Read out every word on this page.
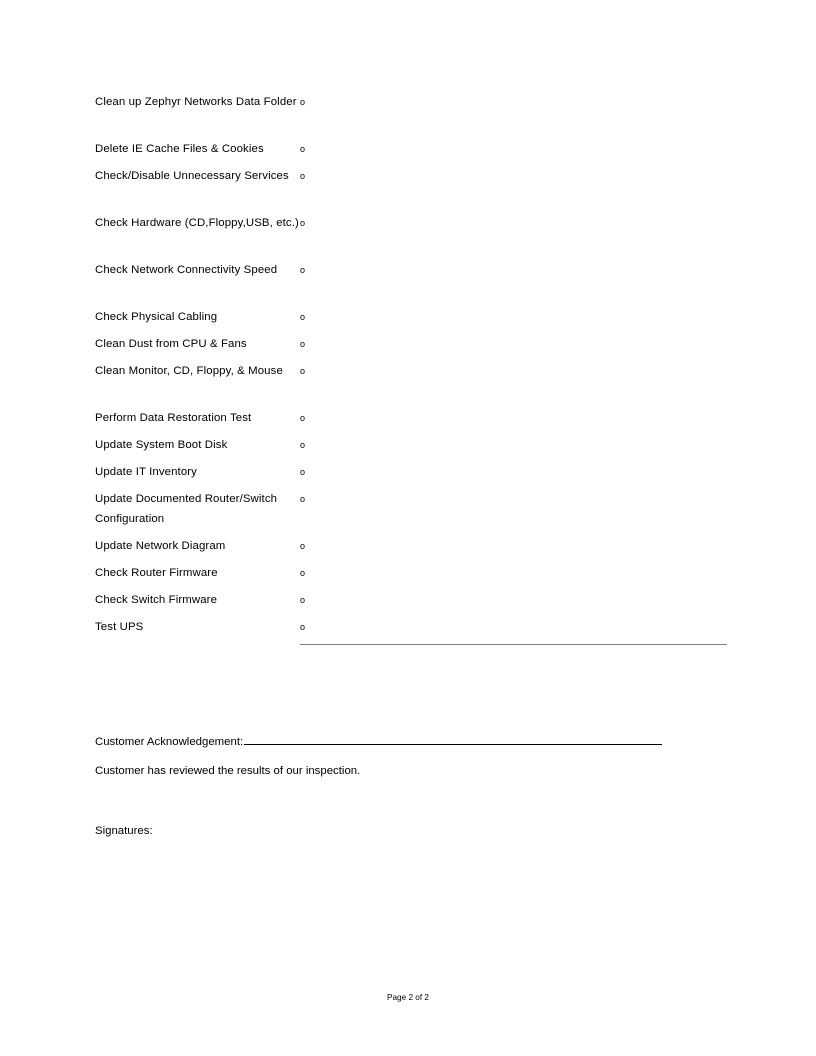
Clean up Zephyr Networks Data Folder	o
Delete IE Cache Files & Cookies	o
Check/Disable Unnecessary Services	o
Check Hardware (CD,Floppy,USB, etc.)	o
Check Network Connectivity Speed	o
Check Physical Cabling	o
Clean Dust from CPU & Fans	o
Clean Monitor, CD, Floppy, & Mouse	o
Perform Data Restoration Test	o
Update System Boot Disk	o
Update IT Inventory	o
Update Documented Router/Switch Configuration	o
Update Network Diagram	o
Check Router Firmware	o
Check Switch Firmware	o
Test UPS	o

Customer Acknowledgement:
Customer has reviewed the results of our inspection.
Signatures:
Page 2 of 2
